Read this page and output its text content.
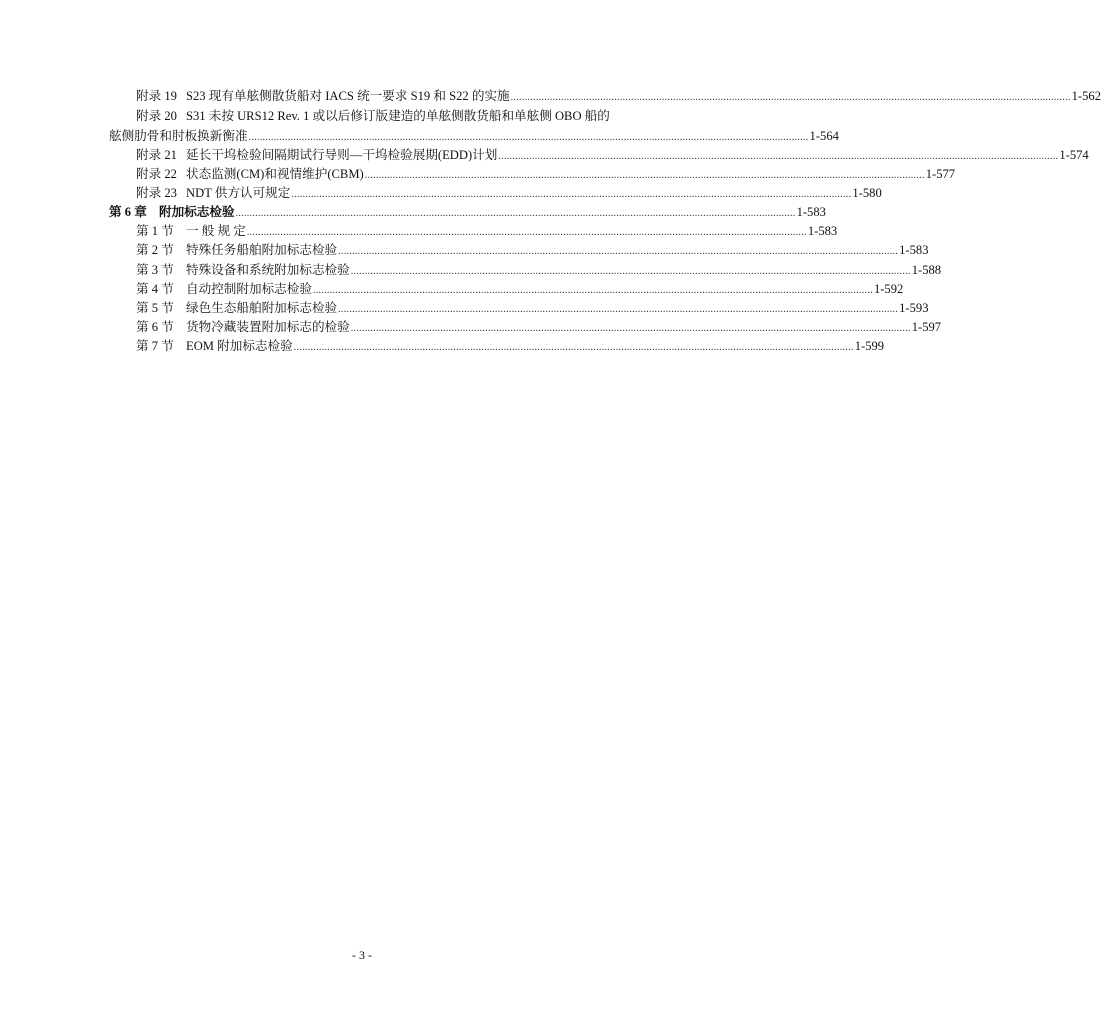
附录 19 S23 现有单舷侧散货船对 IACS 统一要求 S19 和 S22 的实施 .....	1-562
附录 20 S31 未按 URS12 Rev. 1 或以后修订版建造的单舷侧散货船和单舷侧 OBO 船的
舷侧肋骨和肘板换新衡准 .....	1-564
附录 21 延长干坞检验间隔期试行导则—干坞检验展期(EDD)计划 .....	1-574
附录 22 状态监测(CM)和视情维护(CBM) .....	1-577
附录 23 NDT 供方认可规定 .....	1-580
第 6 章 附加标志检验 .....	1-583
第 1 节 一 般 规 定 .....	1-583
第 2 节 特殊任务船舶附加标志检验 .....	1-583
第 3 节 特殊设备和系统附加标志检验 .....	1-588
第 4 节 自动控制附加标志检验 .....	1-592
第 5 节 绿色生态船舶附加标志检验 .....	1-593
第 6 节 货物冷藏装置附加标志的检验 .....	1-597
第 7 节 EOM 附加标志检验 .....	1-599
- 3 -
